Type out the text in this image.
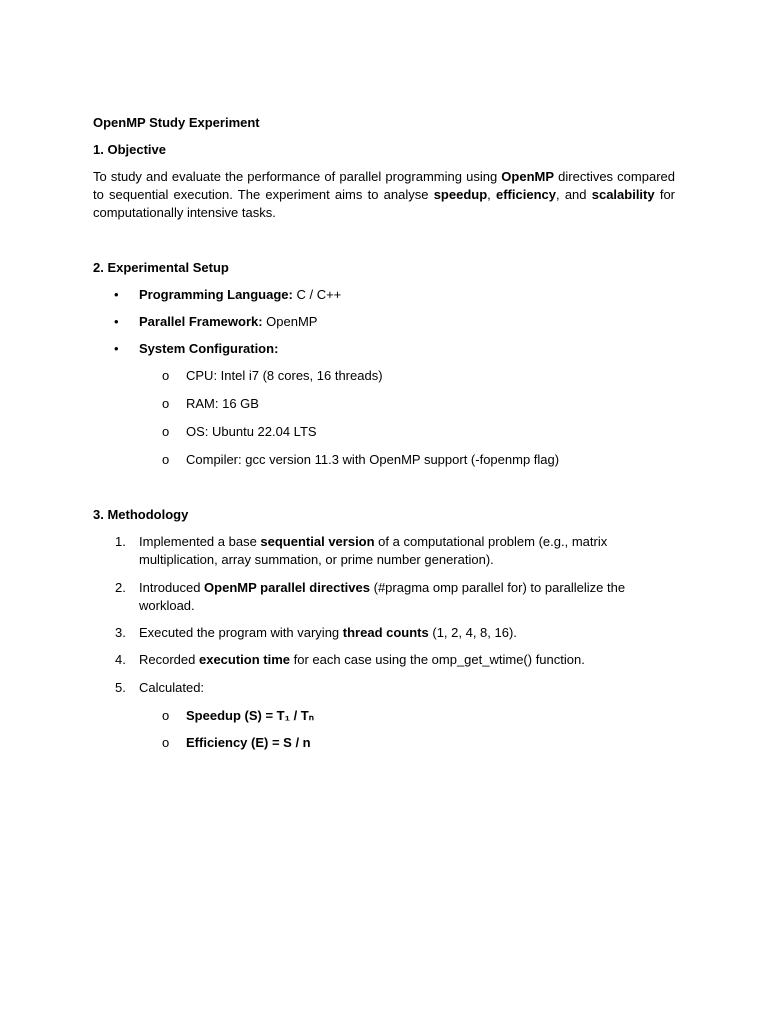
OpenMP Study Experiment

1. Objective

To study and evaluate the performance of parallel programming using OpenMP directives compared to sequential execution. The experiment aims to analyse speedup, efficiency, and scalability for computationally intensive tasks.

2. Experimental Setup

• Programming Language: C / C++

• Parallel Framework: OpenMP

• System Configuration:

o CPU: Intel i7 (8 cores, 16 threads)

o RAM: 16 GB

o OS: Ubuntu 22.04 LTS

o Compiler: gcc version 11.3 with OpenMP support (-fopenmp flag)

3. Methodology

1. Implemented a base sequential version of a computational problem (e.g., matrix multiplication, array summation, or prime number generation).

2. Introduced OpenMP parallel directives (#pragma omp parallel for) to parallelize the workload.

3. Executed the program with varying thread counts (1, 2, 4, 8, 16).

4. Recorded execution time for each case using the omp_get_wtime() function.

5. Calculated:

o Speedup (S) = T₁ / Tₙ

o Efficiency (E) = S / n
